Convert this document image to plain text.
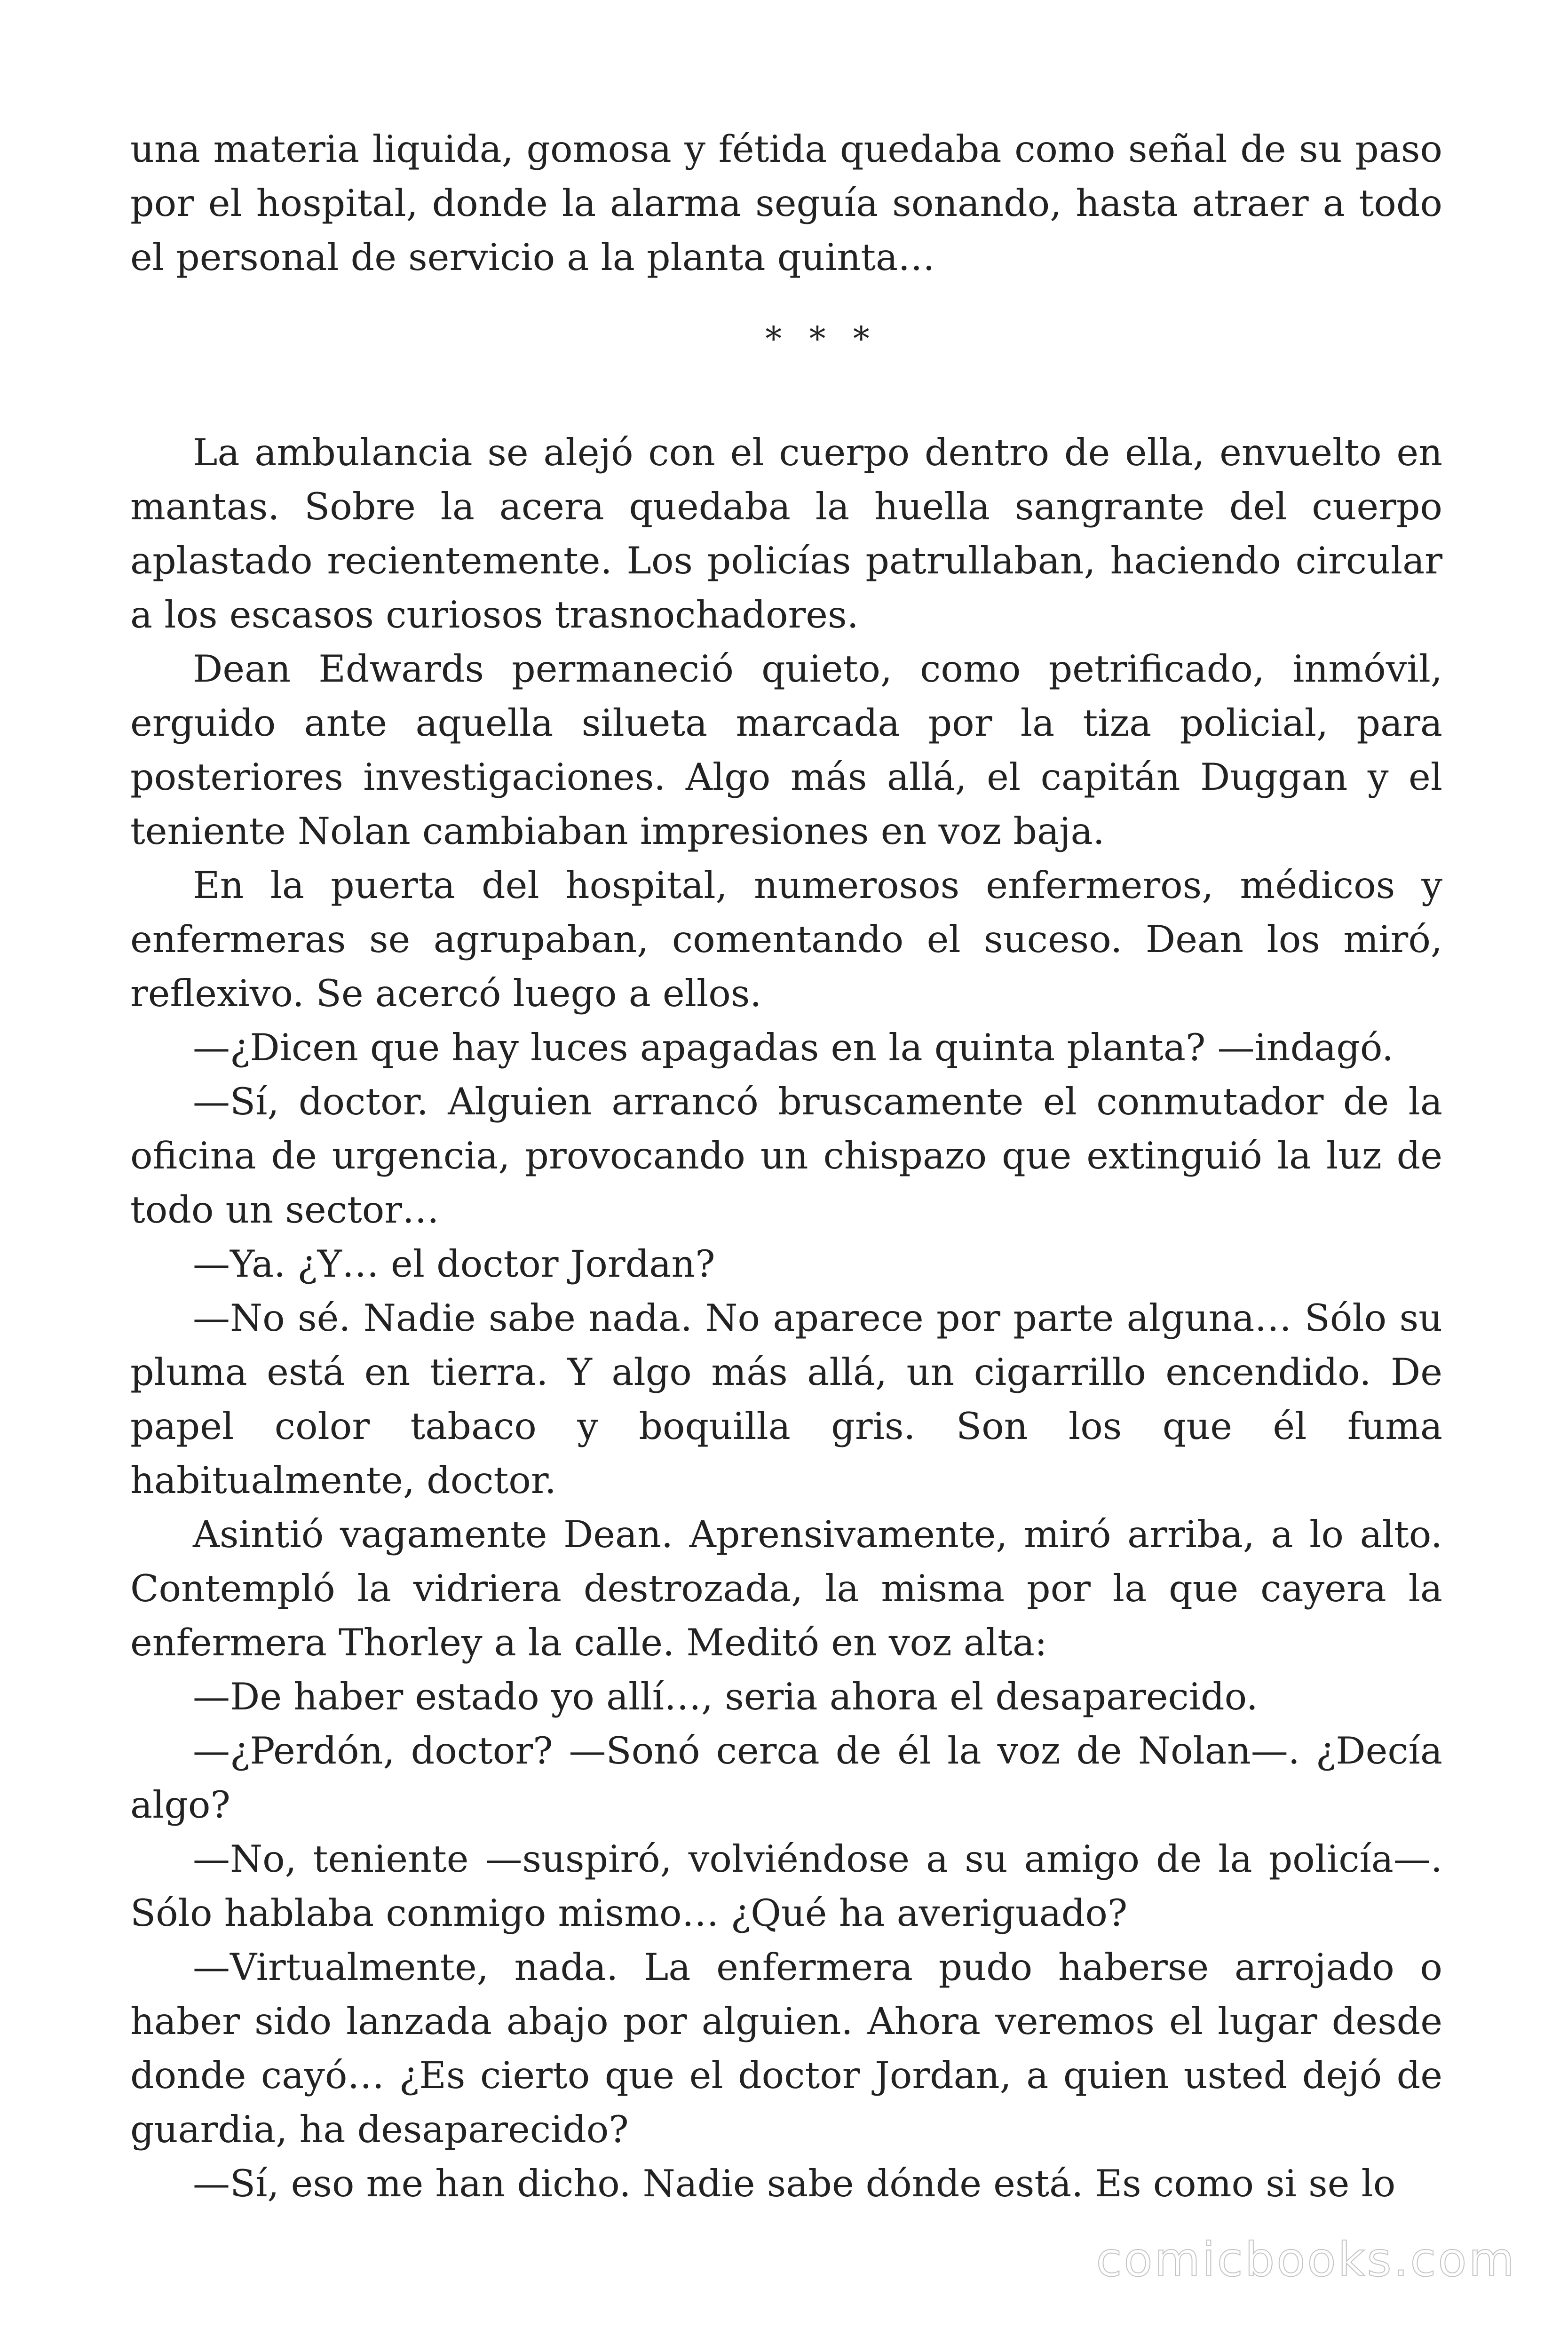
una materia liquida, gomosa y fétida quedaba como señal de su paso por el hospital, donde la alarma seguía sonando, hasta atraer a todo el personal de servicio a la planta quinta…

* * *

La ambulancia se alejó con el cuerpo dentro de ella, envuelto en mantas. Sobre la acera quedaba la huella sangrante del cuerpo aplastado recientemente. Los policías patrullaban, haciendo circular a los escasos curiosos trasnochadores.

Dean Edwards permaneció quieto, como petrificado, inmóvil, erguido ante aquella silueta marcada por la tiza policial, para posteriores investigaciones. Algo más allá, el capitán Duggan y el teniente Nolan cambiaban impresiones en voz baja.

En la puerta del hospital, numerosos enfermeros, médicos y enfermeras se agrupaban, comentando el suceso. Dean los miró, reflexivo. Se acercó luego a ellos.

—¿Dicen que hay luces apagadas en la quinta planta? —indagó.

—Sí, doctor. Alguien arrancó bruscamente el conmutador de la oficina de urgencia, provocando un chispazo que extinguió la luz de todo un sector…

—Ya. ¿Y… el doctor Jordan?

—No sé. Nadie sabe nada. No aparece por parte alguna… Sólo su pluma está en tierra. Y algo más allá, un cigarrillo encendido. De papel color tabaco y boquilla gris. Son los que él fuma habitualmente, doctor.

Asintió vagamente Dean. Aprensivamente, miró arriba, a lo alto. Contempló la vidriera destrozada, la misma por la que cayera la enfermera Thorley a la calle. Meditó en voz alta:

—De haber estado yo allí…, seria ahora el desaparecido.

—¿Perdón, doctor? —Sonó cerca de él la voz de Nolan—. ¿Decía algo?

—No, teniente —suspiró, volviéndose a su amigo de la policía—. Sólo hablaba conmigo mismo… ¿Qué ha averiguado?

—Virtualmente, nada. La enfermera pudo haberse arrojado o haber sido lanzada abajo por alguien. Ahora veremos el lugar desde donde cayó… ¿Es cierto que el doctor Jordan, a quien usted dejó de guardia, ha desaparecido?

—Sí, eso me han dicho. Nadie sabe dónde está. Es como si se lo

comicbooks.com
